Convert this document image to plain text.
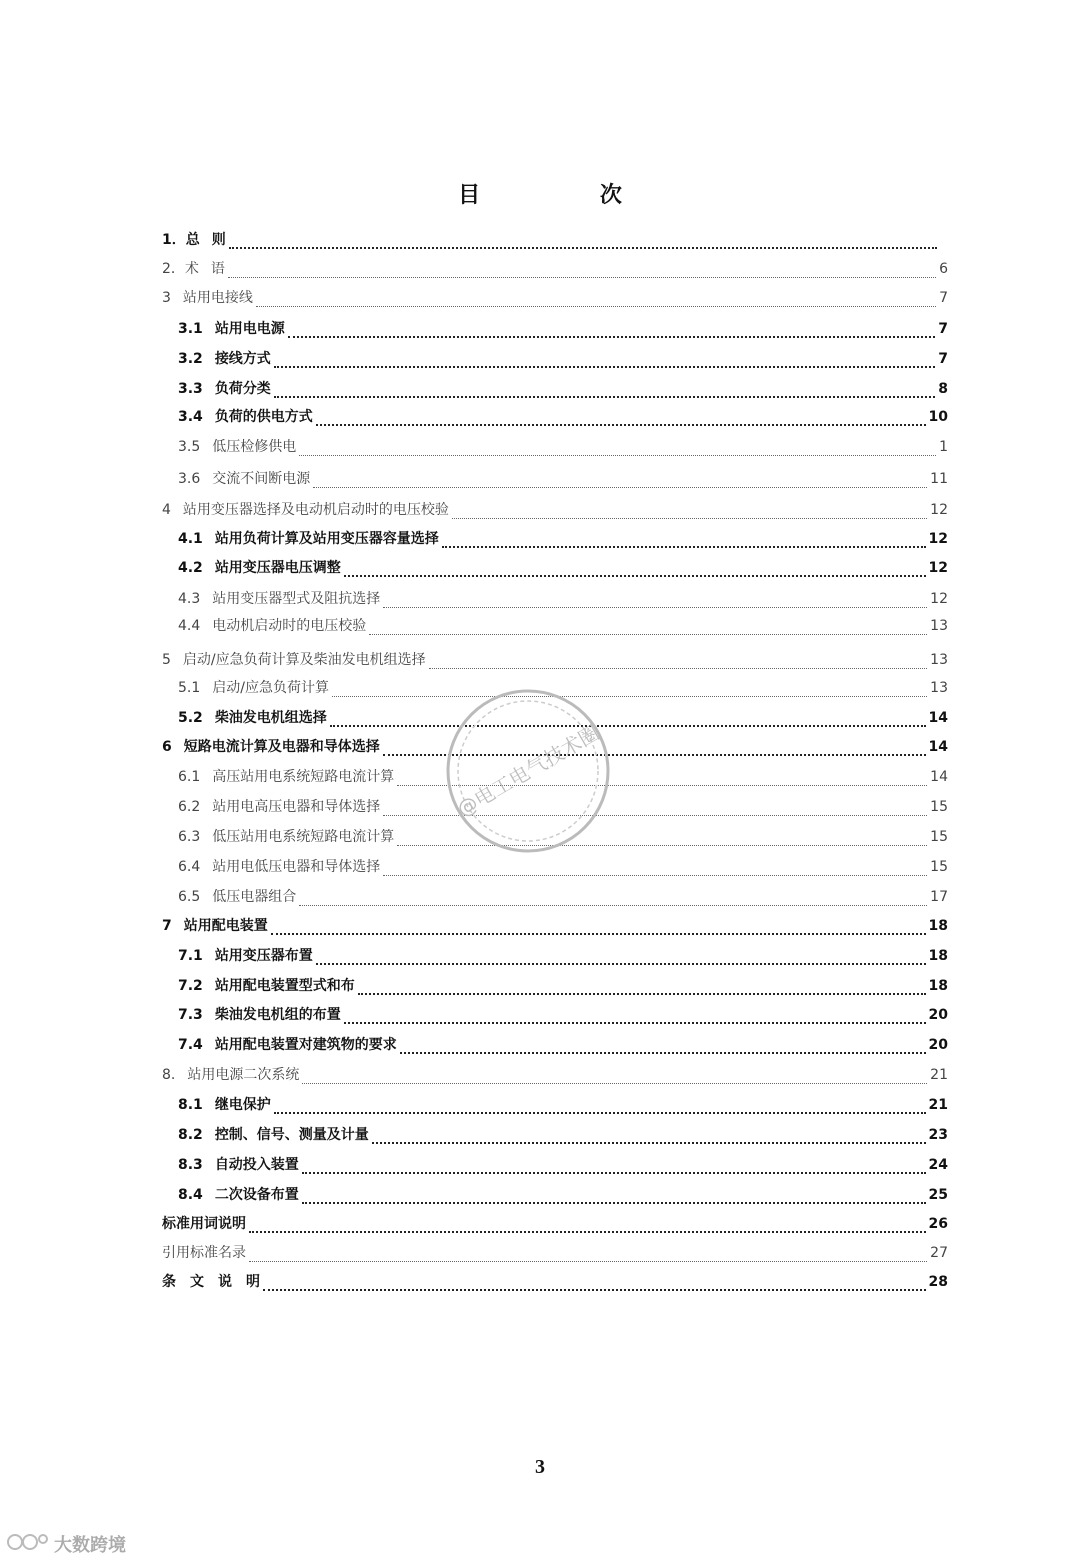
目 次
1．总 则
2．术 语	6
3 站用电接线	7
3.1 站用电电源	7
3.2 接线方式	7
3.3 负荷分类	8
3.4 负荷的供电方式	10
3.5 低压检修供电	1
3.6 交流不间断电源	11
4 站用变压器选择及电动机启动时的电压校验	12
4.1 站用负荷计算及站用变压器容量选择	12
4.2 站用变压器电压调整	12
4.3 站用变压器型式及阻抗选择	12
4.4 电动机启动时的电压校验	13
5 启动/应急负荷计算及柴油发电机组选择	13
5.1 启动/应急负荷计算	13
5.2 柴油发电机组选择	14
6 短路电流计算及电器和导体选择	14
6.1 高压站用电系统短路电流计算	14
6.2 站用电高压电器和导体选择	15
6.3 低压站用电系统短路电流计算	15
6.4 站用电低压电器和导体选择	15
6.5 低压电器组合	17
7 站用配电装置	18
7.1 站用变压器布置	18
7.2 站用配电装置型式和布	18
7.3 柴油发电机组的布置	20
7.4 站用配电装置对建筑物的要求	20
8. 站用电源二次系统	21
8.1 继电保护	21
8.2 控制、信号、测量及计量	23
8.3 自动投入装置	24
8.4 二次设备布置	25
标准用词说明	26
引用标准名录	27
条　文　说　明	28
@电工电气技术圈
3
大数跨境
